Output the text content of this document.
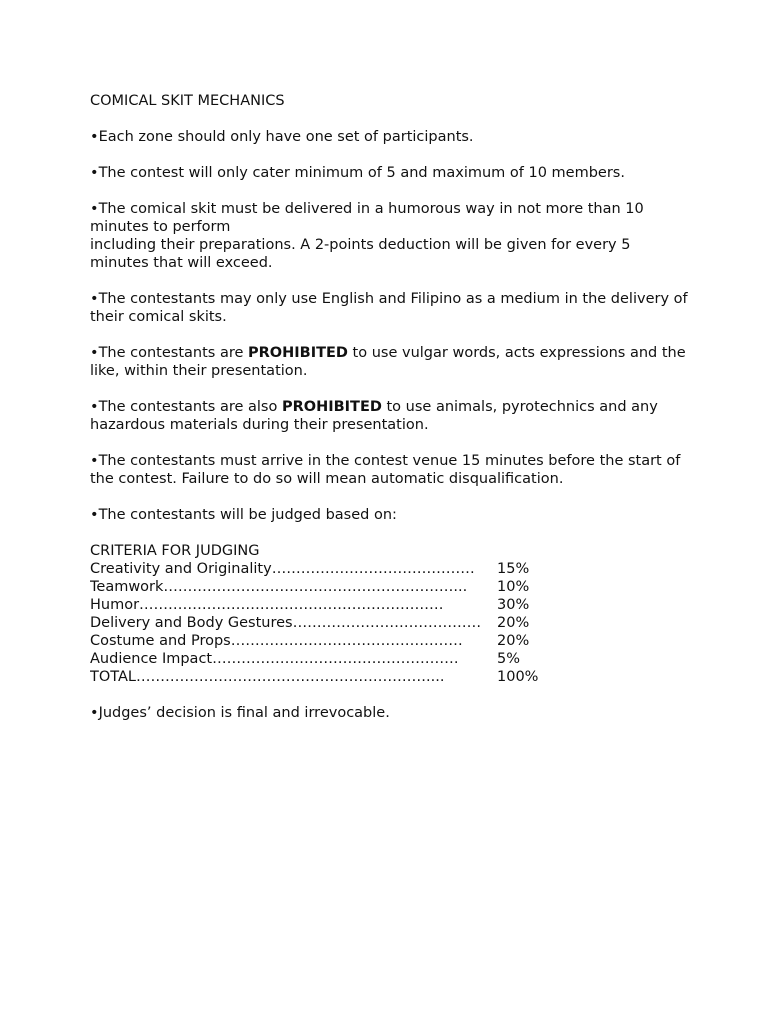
COMICAL SKIT MECHANICS
•Each zone should only have one set of participants.
•The contest will only cater minimum of 5 and maximum of 10 members.
•The comical skit must be delivered in a humorous way in not more than 10 minutes to perform
including their preparations. A 2-points deduction will be given for every 5 minutes that will exceed.
•The contestants may only use English and Filipino as a medium in the delivery of their comical skits.
•The contestants are PROHIBITED to use vulgar words, acts expressions and the like, within their presentation.
•The contestants are also PROHIBITED to use animals, pyrotechnics and any hazardous materials during their presentation.
•The contestants must arrive in the contest venue 15 minutes before the start of the contest. Failure to do so will mean automatic disqualification.
•The contestants will be judged based on:
CRITERIA FOR JUDGING
Creativity and Originality……………………………………	15%
Teamwork……………………………………………………...	10%
Humor………………………………………………………	30%
Delivery and Body Gestures…………………………………	20%
Costume and Props…………………………………………	20%
Audience Impact……………………………………………	5%
TOTAL……………………………………………………....	100%
•Judges’ decision is final and irrevocable.
